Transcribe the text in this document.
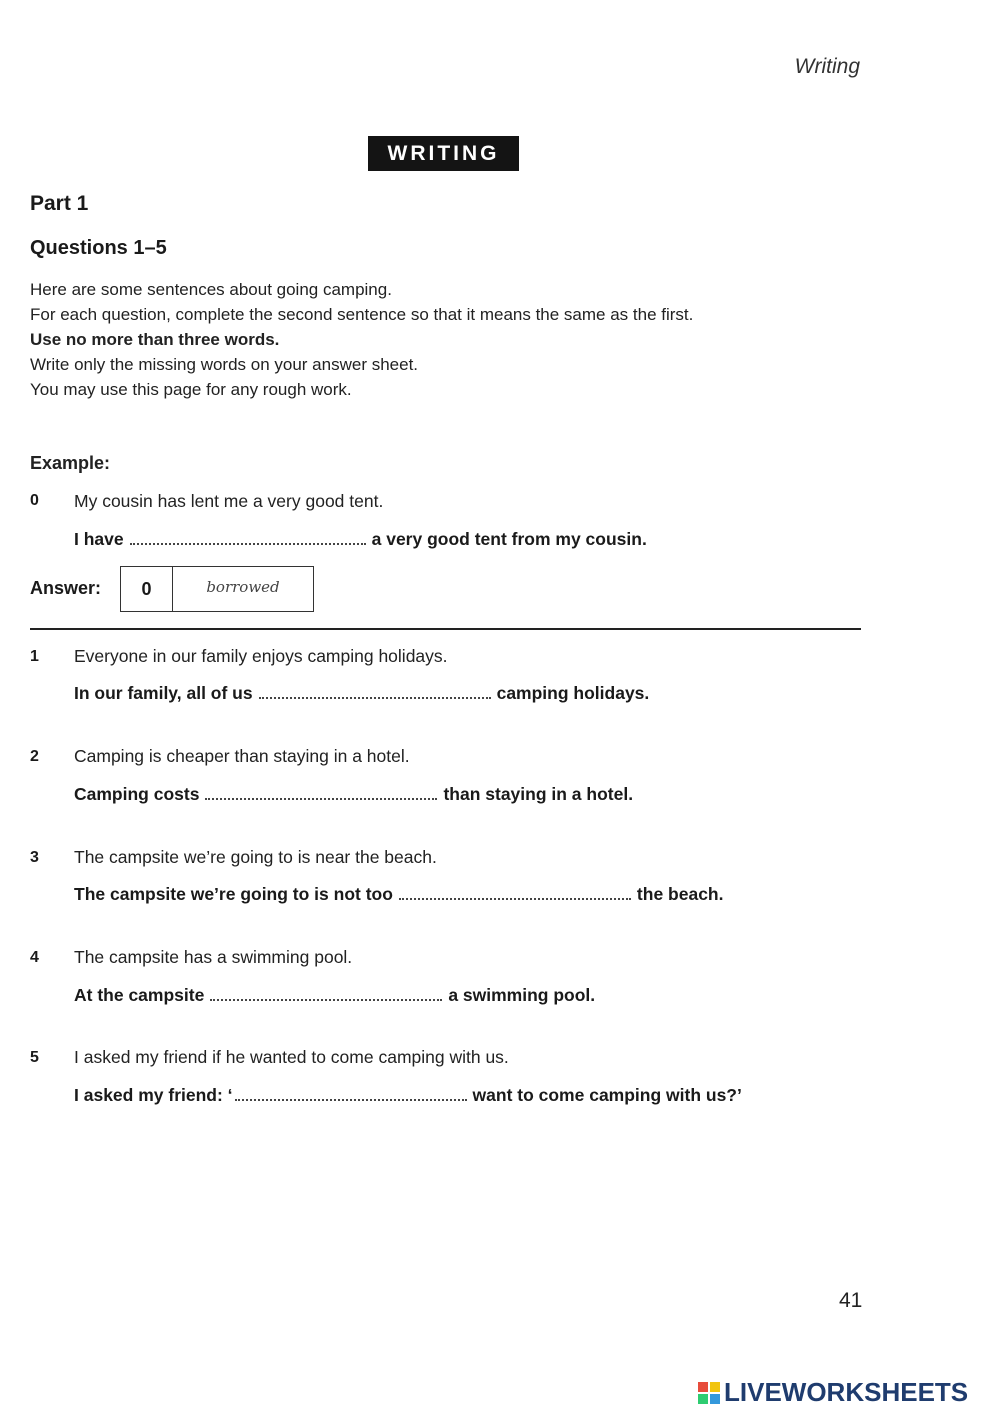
Writing
WRITING
Part 1
Questions 1–5
Here are some sentences about going camping.
For each question, complete the second sentence so that it means the same as the first.
Use no more than three words.
Write only the missing words on your answer sheet.
You may use this page for any rough work.
Example:
0 My cousin has lent me a very good tent.
I have	a very good tent from my cousin.
Answer:	0	borrowed
1 Everyone in our family enjoys camping holidays.
In our family, all of us	camping holidays.
2 Camping is cheaper than staying in a hotel.
Camping costs	than staying in a hotel.
3 The campsite we’re going to is near the beach.
The campsite we’re going to is not too	the beach.
4 The campsite has a swimming pool.
At the campsite	a swimming pool.
5 I asked my friend if he wanted to come camping with us.
I asked my friend: ‘	want to come camping with us?’
41
LIVEWORKSHEETS
